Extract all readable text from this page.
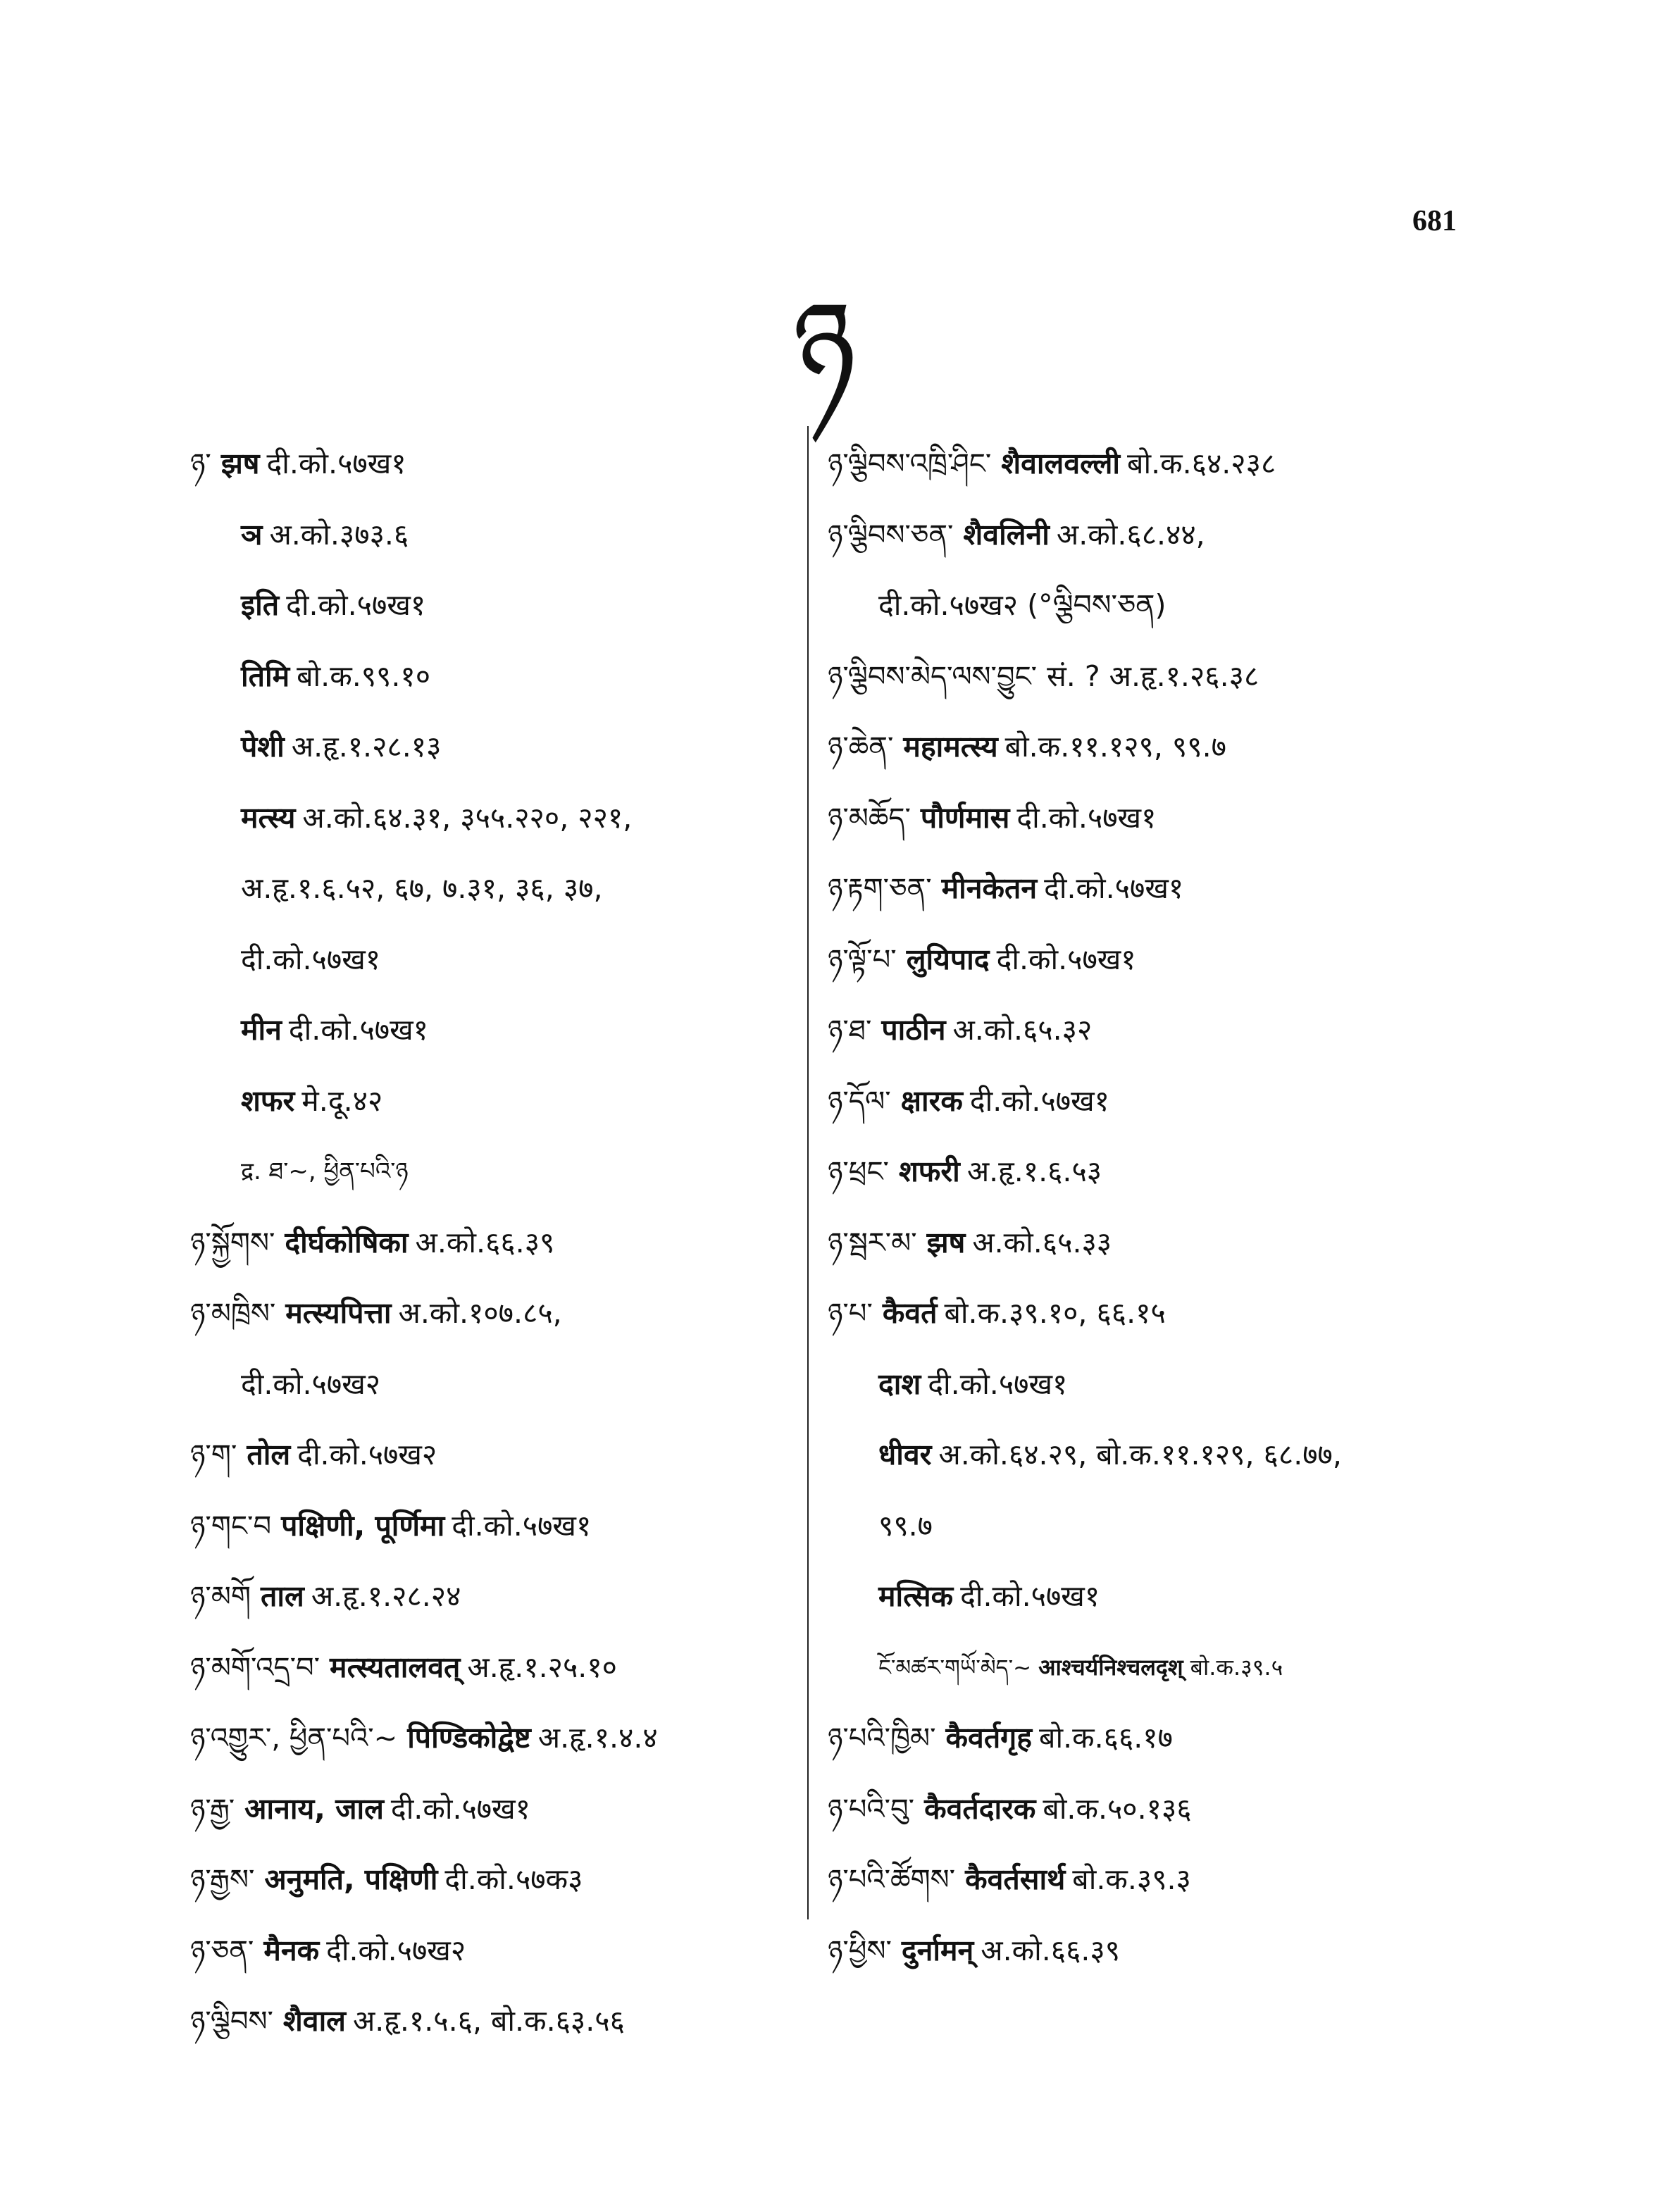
681
ཉ
ཉ་ झष दी.को.५७ख१
ञ अ.को.३७३.६
इति दी.को.५७ख१
तिमि बो.क.९९.१०
पेशी अ.हृ.१.२८.१३
मत्स्य अ.को.६४.३१, ३५५.२२०, २२१,
अ.हृ.१.६.५२, ६७, ७.३१, ३६, ३७,
दी.को.५७ख१
मीन दी.को.५७ख१
शफर मे.दू.४२
द्र. ཐ་~, ཕྱིན་པའི་ཉ
ཉ་སྐྱོགས་ दीर्घकोषिका अ.को.६६.३९
ཉ་མཁྲིས་ मत्स्यपित्ता अ.को.१०७.८५,
दी.को.५७ख२
ཉ་ག་ तोल दी.को.५७ख२
ཉ་གང་བ पक्षिणी, पूर्णिमा दी.को.५७ख१
ཉ་མགོ ताल अ.हृ.१.२८.२४
ཉ་མགོ་འདྲ་བ་ मत्स्यतालवत् अ.हृ.१.२५.१०
ཉ་འགྱུར་, ཕྱིན་པའི་~ पिण्डिकोद्वेष्ट अ.हृ.१.४.४
ཉ་རྒྱ་ आनाय, जाल दी.को.५७ख१
ཉ་རྒྱས་ अनुमति, पक्षिणी दी.को.५७क३
ཉ་ཅན་ मैनक दी.को.५७ख२
ཉ་ལྕིབས་ शैवाल अ.हृ.१.५.६, बो.क.६३.५६
ཉ་ལྕིབས་འཁྲི་ཤིང་ शैवालवल्ली बो.क.६४.२३८
ཉ་ལྕིབས་ཅན་ शैवलिनी अ.को.६८.४४,
दी.को.५७ख२ (°ལྕིབས་ཅན)
ཉ་ལྕིབས་མེད་ལས་བྱུང་ सं. ? अ.हृ.१.२६.३८
ཉ་ཆེན་ महामत्स्य बो.क.११.१२९, ९९.७
ཉ་མཆོད་ पौर्णमास दी.को.५७ख१
ཉ་རྟག་ཅན་ मीनकेतन दी.को.५७ख१
ཉ་ལྟོ་པ་ लुयिपाद दी.को.५७ख१
ཉ་ཐ་ पाठीन अ.को.६५.३२
ཉ་དོལ་ क्षारक दी.को.५७ख१
ཉ་ཕྲང་ शफरी अ.हृ.१.६.५३
ཉ་སྦར་མ་ झष अ.को.६५.३३
ཉ་པ་ कैवर्त बो.क.३९.१०, ६६.१५
दाश दी.को.५७ख१
धीवर अ.को.६४.२९, बो.क.११.१२९, ६८.७७,
९९.७
मत्सिक दी.को.५७ख१
ངོ་མཚར་གཡོ་མེད་~ आश्चर्यनिश्चलदृश् बो.क.३९.५
ཉ་པའི་ཁྱིམ་ कैवर्तगृह बो.क.६६.१७
ཉ་པའི་བུ་ कैवर्तदारक बो.क.५०.१३६
ཉ་པའི་ཚོགས་ कैवर्तसार्थ बो.क.३९.३
ཉ་ཕྱིས་ दुर्नामन् अ.को.६६.३९
